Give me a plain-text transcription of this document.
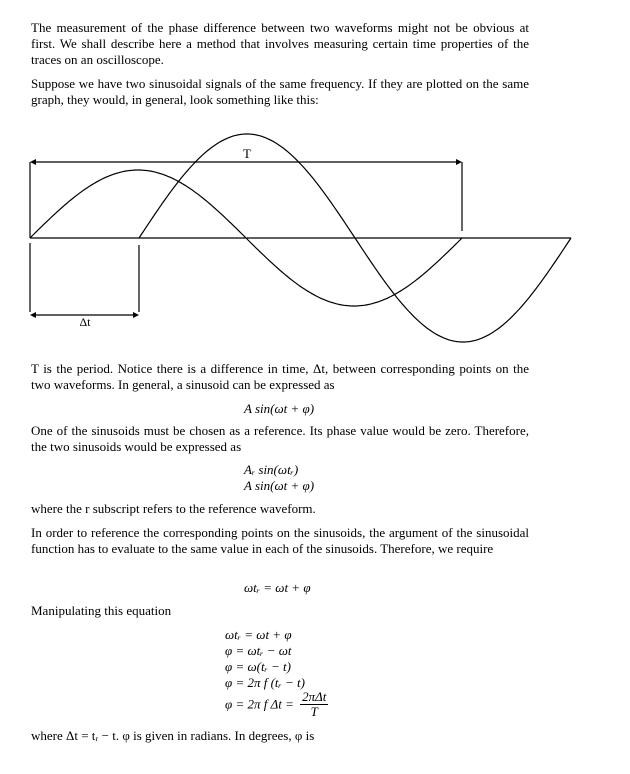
The measurement of the phase difference between two waveforms might not be obvious at first. We shall describe here a method that involves measuring certain time properties of the traces on an oscilloscope.

Suppose we have two sinusoidal signals of the same frequency. If they are plotted on the same graph, they would, in general, look something like this:

T
Δt

T is the period. Notice there is a difference in time, Δt, between corresponding points on the two waveforms. In general, a sinusoid can be expressed as

A sin(ωt + φ)

One of the sinusoids must be chosen as a reference. Its phase value would be zero. Therefore, the two sinusoids would be expressed as

Aᵣ sin(ωtᵣ)
A sin(ωt + φ)

where the r subscript refers to the reference waveform.

In order to reference the corresponding points on the sinusoids, the argument of the sinusoidal function has to evaluate to the same value in each of the sinusoids. Therefore, we require

ωtᵣ = ωt + φ

Manipulating this equation

ωtᵣ = ωt + φ
φ = ωtᵣ − ωt
φ = ω(tᵣ − t)
φ = 2π f (tᵣ − t)
φ = 2π f $\Delta t = \frac{\text{2πΔt}}{T}$

where Δt = tᵣ − t. φ is given in radians. In degrees, φ is
